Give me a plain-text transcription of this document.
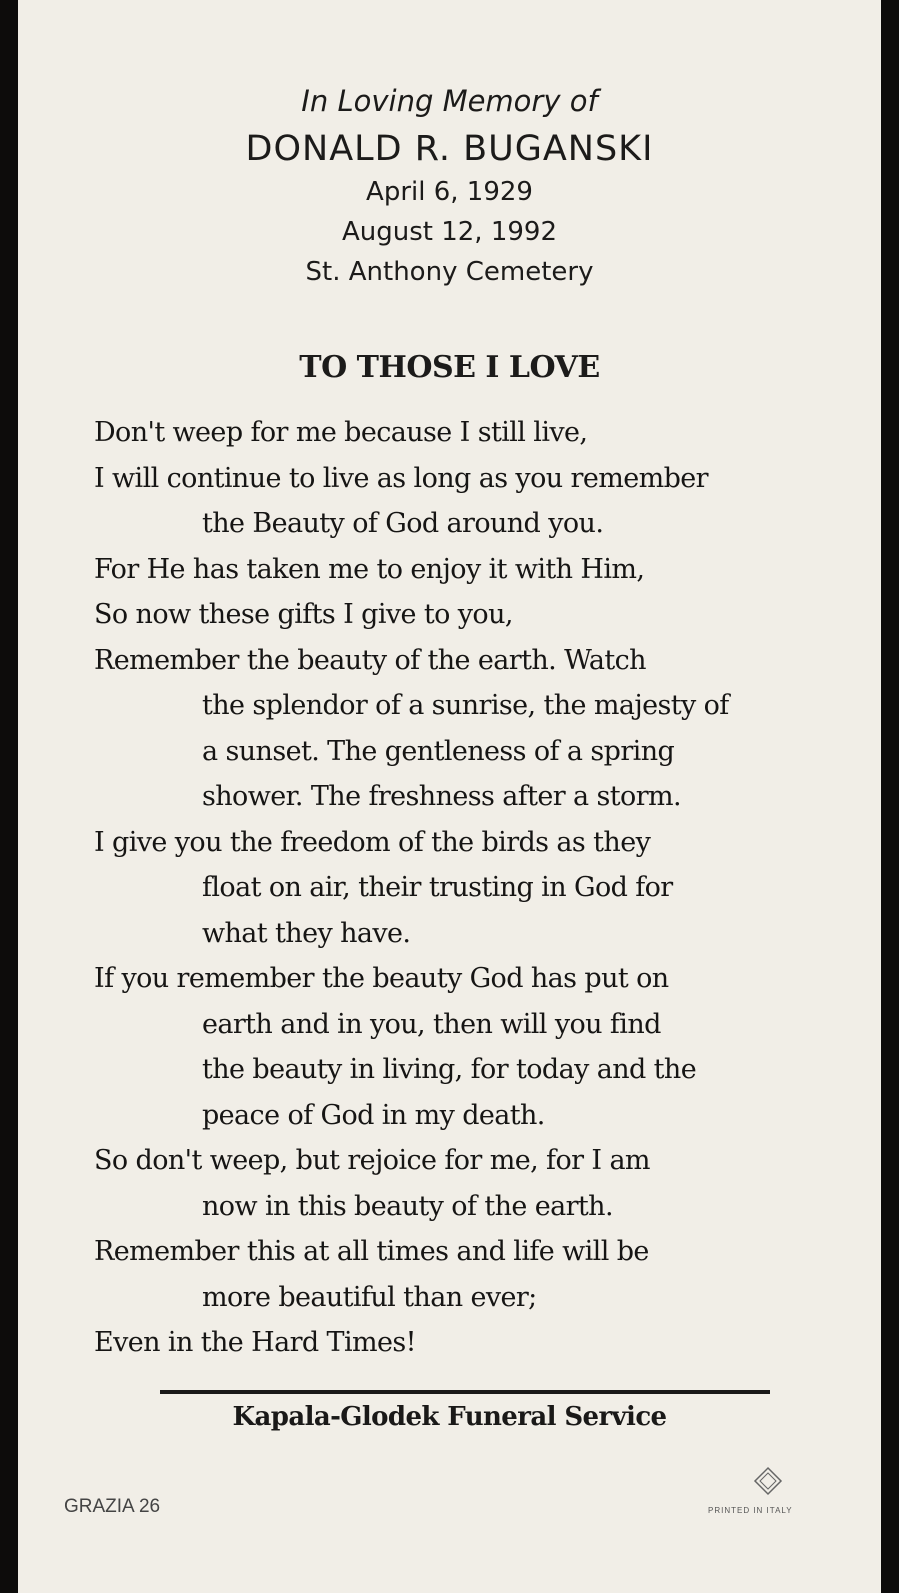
In Loving Memory of
DONALD R. BUGANSKI
April 6, 1929
August 12, 1992
St. Anthony Cemetery
TO THOSE I LOVE
Don't weep for me because I still live,
I will continue to live as long as you remember
the Beauty of God around you.
For He has taken me to enjoy it with Him,
So now these gifts I give to you,
Remember the beauty of the earth. Watch
the splendor of a sunrise, the majesty of
a sunset. The gentleness of a spring
shower. The freshness after a storm.
I give you the freedom of the birds as they
float on air, their trusting in God for
what they have.
If you remember the beauty God has put on
earth and in you, then will you find
the beauty in living, for today and the
peace of God in my death.
So don't weep, but rejoice for me, for I am
now in this beauty of the earth.
Remember this at all times and life will be
more beautiful than ever;
Even in the Hard Times!
Kapala-Glodek Funeral Service
GRAZIA 26	PRINTED IN ITALY
